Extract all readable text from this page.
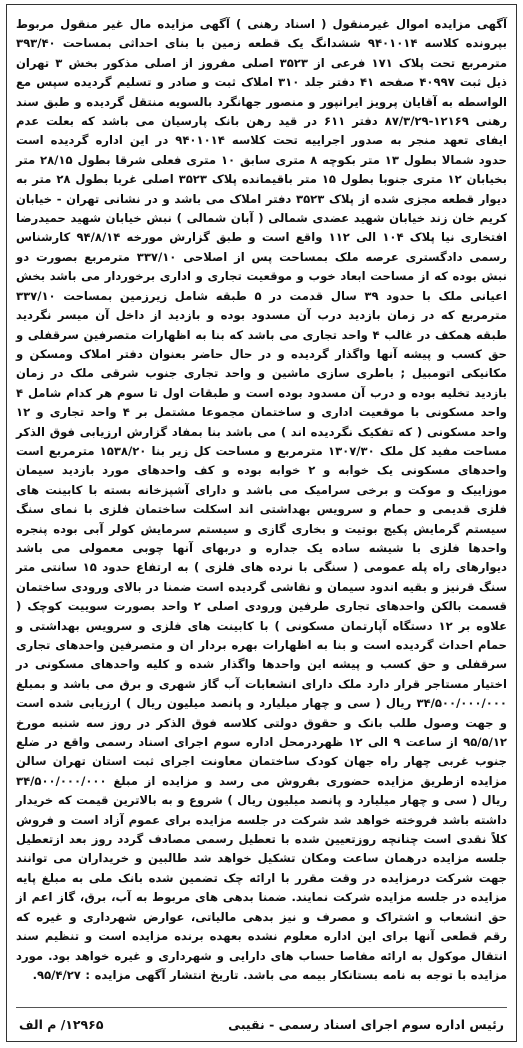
آگهی مزایده اموال غیرمنقول ( اسناد رهنی ) آگهی مزایده مال غیر منقول مربوط بپرونده کلاسه ۹۴۰۱۰۱۴ ششدانگ یک قطعه زمین با بنای احداثی بمساحت ۳۹۳/۴۰ مترمربع تحت پلاک ۱۷۱ فرعی از ۳۵۲۳ اصلی مفروز از اصلی مذکور بخش ۳ تهران ذیل ثبت ۴۰۹۹۷ صفحه ۴۱ دفتر جلد ۳۱۰ املاک ثبت و صادر و تسلیم گردیده سپس مع الواسطه به آقایان پرویز ایرانپور و منصور جهانگرد بالسویه منتقل گردیده و طبق سند رهنی ۱۲۱۶۹-۸۷/۳/۲۹ دفتر ۶۱۱ در قید رهن بانک پارسیان می باشد که بعلت عدم ایفای تعهد منجر به صدور اجراییه تحت کلاسه ۹۴۰۱۰۱۴ در این اداره گردیده است حدود شمالا بطول ۱۳ متر بکوچه ۸ متری سابق ۱۰ متری فعلی شرقا بطول ۲۸/۱۵ متر بخیابان ۱۲ متری جنوبا بطول ۱۵ متر باقیمانده پلاک ۳۵۲۳ اصلی غربا بطول ۲۸ متر به دیوار قطعه مجزی شده از پلاک ۳۵۲۳ دفتر املاک می باشد و در نشانی تهران - خیابان کریم خان زند خیابان شهید عضدی شمالی ( آبان شمالی ) نبش خیابان شهید حمیدرضا افتخاری نیا پلاک ۱۰۴ الی ۱۱۲ واقع است و طبق گزارش مورخه ۹۴/۸/۱۴ کارشناس رسمی دادگستری عرصه ملک بمساحت پس از اصلاحی ۳۳۷/۱۰ مترمربع بصورت دو نبش بوده که از مساحت ابعاد خوب و موقعیت تجاری و اداری برخوردار می باشد بخش اعیانی ملک با حدود ۳۹ سال قدمت در ۵ طبقه شامل زیرزمین بمساحت ۳۳۷/۱۰ مترمربع که در زمان بازدید درب آن مسدود بوده و بازدید از داخل آن میسر نگردید طبقه همکف در غالب ۴ واحد تجاری می باشد که بنا به اظهارات متصرفین سرقفلی و حق کسب و پیشه آنها واگذار گردیده و در حال حاضر بعنوان دفتر املاک ومسکن و مکانیکی اتومبیل ; باطری سازی ماشین و واحد تجاری جنوب شرقی ملک در زمان بازدید تخلیه بوده و درب آن مسدود بوده است و طبقات اول تا سوم هر کدام شامل ۴ واحد مسکونی با موقعیت اداری و ساختمان مجموعا مشتمل بر ۴ واحد تجاری و ۱۲ واحد مسکونی ( که تفکیک نگردیده اند ) می باشد بنا بمفاد گزارش ارزیابی فوق الذکر مساحت مفید کل ملک ۱۳۰۷/۳۰ مترمربع و مساحت کل زیر بنا ۱۵۳۸/۲۰ مترمربع است واحدهای مسکونی یک خوابه و ۲ خوابه بوده و کف واحدهای مورد بازدید سیمان موزاییک و موکت و برخی سرامیک می باشد و دارای آشپزخانه بسته با کابینت های فلزی قدیمی و حمام و سرویس بهداشتی اند اسکلت ساختمان فلزی با نمای سنگ سیستم گرمایش پکیج بوتیت و بخاری گازی و سیستم سرمایش کولر آبی بوده پنجره واحدها فلزی با شیشه ساده یک جداره و دربهای آنها چوبی معمولی می باشد دیوارهای راه پله عمومی ( سنگی با نرده های فلزی ) به ارتفاع حدود ۱۵ سانتی متر سنگ قرنیز و بقیه اندود سیمان و نقاشی گردیده است ضمنا در بالای ورودی ساختمان قسمت بالکن واحدهای تجاری طرفین ورودی اصلی ۲ واحد بصورت سوییت کوچک ( علاوه بر ۱۲ دستگاه آپارتمان مسکونی ) با کابینت های فلزی و سرویس بهداشتی و حمام احداث گردیده است و بنا به اظهارات بهره بردار ان و متصرفین واحدهای تجاری سرقفلی و حق کسب و پیشه این واحدها واگذار شده و کلیه واحدهای مسکونی در اختیار مستاجر قرار دارد ملک دارای انشعابات آب گاز شهری و برق می باشد و بمبلغ ۳۴/۵۰۰/۰۰۰/۰۰۰ ریال ( سی و چهار میلیارد و پانصد میلیون ریال ) ارزیابی شده است و جهت وصول طلب بانک و حقوق دولتی کلاسه فوق الذکر در روز سه شنبه مورخ ۹۵/۵/۱۲ از ساعت ۹ الی ۱۲ ظهردرمحل اداره سوم اجرای اسناد رسمی واقع در ضلع جنوب غربی چهار راه جهان کودک ساختمان معاونت اجرای ثبت استان تهران سالن مزایده ازطریق مزایده حضوری بفروش می رسد و مزایده از مبلغ ۳۴/۵۰۰/۰۰۰/۰۰۰ ریال ( سی و چهار میلیارد و پانصد میلیون ریال ) شروع و به بالاترین قیمت که خریدار داشته باشد فروخته خواهد شد شرکت در جلسه مزایده برای عموم آزاد است و فروش کلاً نقدی است چنانچه روزتعیین شده با تعطیل رسمی مصادف گردد روز بعد ازتعطیل جلسه مزایده درهمان ساعت ومکان تشکیل خواهد شد طالبین و خریداران می توانند جهت شرکت درمزایده در وقت مقرر با ارائه چک تضمین شده بانک ملی به مبلغ پایه مزایده در جلسه مزایده شرکت نمایند. ضمنا بدهی های مربوط به آب، برق، گاز اعم از حق انشعاب و اشتراک و مصرف و نیز بدهی مالیاتی، عوارض شهرداری و غیره که رقم قطعی آنها برای این اداره معلوم نشده بعهده برنده مزایده است و تنظیم سند انتقال موکول به ارائه مفاصا حساب های دارایی و شهرداری و غیره خواهد بود. مورد مزایده با توجه به نامه بستانکار بیمه می باشد. تاریخ انتشار آگهی مزایده : ۹۵/۴/۲۷.

رئیس اداره سوم اجرای اسناد رسمی - نقیبی
۱۲۹۶۵/ م الف
